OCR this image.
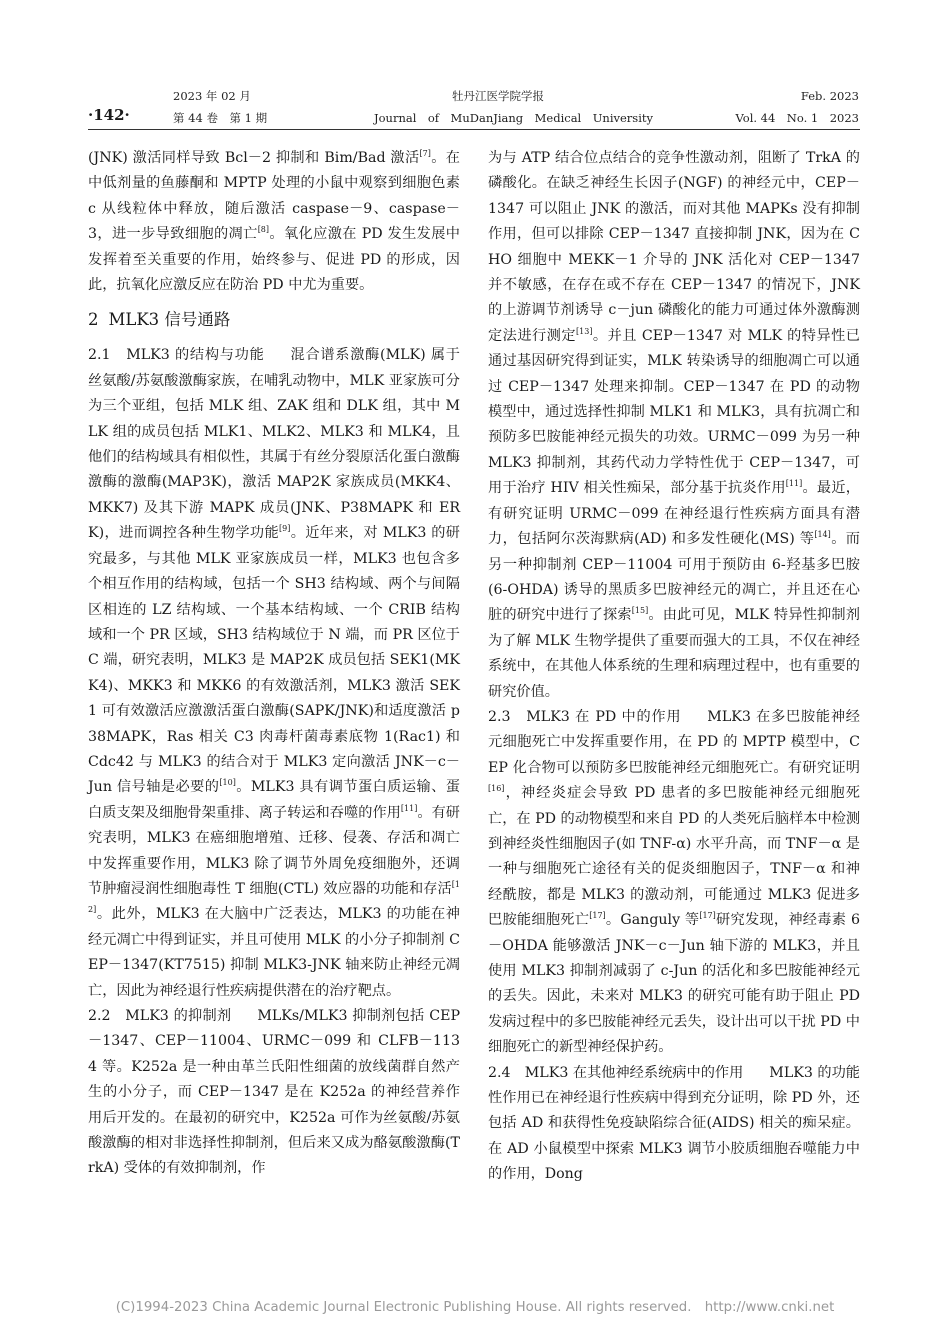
2023 年 02 月
·142·	第 44 卷　第 1 期
牡丹江医学院学报
Journal　of　MuDanJiang　Medical　University
Feb. 2023
Vol. 44　No. 1　2023

(JNK) 激活同样导致 Bcl－2 抑制和 Bim/Bad 激活[7]。在中低剂量的鱼藤酮和 MPTP 处理的小鼠中观察到细胞色素 c 从线粒体中释放，随后激活 caspase－9、caspase－3，进一步导致细胞的凋亡[8]。氧化应激在 PD 发生发展中发挥着至关重要的作用，始终参与、促进 PD 的形成，因此，抗氧化应激反应在防治 PD 中尤为重要。

2 MLK3 信号通路

2.1　MLK3 的结构与功能 混合谱系激酶(MLK) 属于丝氨酸/苏氨酸激酶家族，在哺乳动物中，MLK 亚家族可分为三个亚组，包括 MLK 组、ZAK 组和 DLK 组，其中 MLK 组的成员包括 MLK1、MLK2、MLK3 和 MLK4，且他们的结构域具有相似性，其属于有丝分裂原活化蛋白激酶激酶的激酶(MAP3K)，激活 MAP2K 家族成员(MKK4、MKK7) 及其下游 MAPK 成员(JNK、P38MAPK 和 ERK)，进而调控各种生物学功能[9]。近年来，对 MLK3 的研究最多，与其他 MLK 亚家族成员一样，MLK3 也包含多个相互作用的结构域，包括一个 SH3 结构域、两个与间隔区相连的 LZ 结构域、一个基本结构域、一个 CRIB 结构域和一个 PR 区域，SH3 结构域位于 N 端，而 PR 区位于 C 端，研究表明，MLK3 是 MAP2K 成员包括 SEK1(MKK4)、MKK3 和 MKK6 的有效激活剂，MLK3 激活 SEK1 可有效激活应激激活蛋白激酶(SAPK/JNK)和适度激活 p38MAPK，Ras 相关 C3 肉毒杆菌毒素底物 1(Rac1) 和 Cdc42 与 MLK3 的结合对于 MLK3 定向激活 JNK－c－Jun 信号轴是必要的[10]。MLK3 具有调节蛋白质运输、蛋白质支架及细胞骨架重排、离子转运和吞噬的作用[11]。有研究表明，MLK3 在癌细胞增殖、迁移、侵袭、存活和凋亡中发挥重要作用，MLK3 除了调节外周免疫细胞外，还调节肿瘤浸润性细胞毒性 T 细胞(CTL) 效应器的功能和存活[12]。此外，MLK3 在大脑中广泛表达，MLK3 的功能在神经元凋亡中得到证实，并且可使用 MLK 的小分子抑制剂 CEP－1347(KT7515) 抑制 MLK3-JNK 轴来防止神经元凋亡，因此为神经退行性疾病提供潜在的治疗靶点。

2.2　MLK3 的抑制剂 MLKs/MLK3 抑制剂包括 CEP－1347、CEP－11004、URMC－099 和 CLFB－1134 等。K252a 是一种由革兰氏阳性细菌的放线菌群自然产生的小分子，而 CEP－1347 是在 K252a 的神经营养作用后开发的。在最初的研究中，K252a 可作为丝氨酸/苏氨酸激酶的相对非选择性抑制剂，但后来又成为酪氨酸激酶(TrkA) 受体的有效抑制剂，作

为与 ATP 结合位点结合的竞争性激动剂，阻断了 TrkA 的磷酸化。在缺乏神经生长因子(NGF) 的神经元中，CEP－1347 可以阻止 JNK 的激活，而对其他 MAPKs 没有抑制作用，但可以排除 CEP－1347 直接抑制 JNK，因为在 CHO 细胞中 MEKK－1 介导的 JNK 活化对 CEP－1347 并不敏感，在存在或不存在 CEP－1347 的情况下，JNK 的上游调节剂诱导 c－jun 磷酸化的能力可通过体外激酶测定法进行测定[13]。并且 CEP－1347 对 MLK 的特异性已通过基因研究得到证实，MLK 转染诱导的细胞凋亡可以通过 CEP－1347 处理来抑制。CEP－1347 在 PD 的动物模型中，通过选择性抑制 MLK1 和 MLK3，具有抗凋亡和预防多巴胺能神经元损失的功效。URMC－099 为另一种 MLK3 抑制剂，其药代动力学特性优于 CEP－1347，可用于治疗 HIV 相关性痴呆，部分基于抗炎作用[11]。最近，有研究证明 URMC－099 在神经退行性疾病方面具有潜力，包括阿尔茨海默病(AD) 和多发性硬化(MS) 等[14]。而另一种抑制剂 CEP－11004 可用于预防由 6-羟基多巴胺(6-OHDA) 诱导的黑质多巴胺神经元的凋亡，并且还在心脏的研究中进行了探索[15]。由此可见，MLK 特异性抑制剂为了解 MLK 生物学提供了重要而强大的工具，不仅在神经系统中，在其他人体系统的生理和病理过程中，也有重要的研究价值。

2.3　MLK3 在 PD 中的作用 MLK3 在多巴胺能神经元细胞死亡中发挥重要作用，在 PD 的 MPTP 模型中，CEP 化合物可以预防多巴胺能神经元细胞死亡。有研究证明[16]，神经炎症会导致 PD 患者的多巴胺能神经元细胞死亡，在 PD 的动物模型和来自 PD 的人类死后脑样本中检测到神经炎性细胞因子(如 TNF-α) 水平升高，而 TNF－α 是一种与细胞死亡途径有关的促炎细胞因子，TNF－α 和神经酰胺，都是 MLK3 的激动剂，可能通过 MLK3 促进多巴胺能细胞死亡[17]。Ganguly 等[17]研究发现，神经毒素 6－OHDA 能够激活 JNK－c－Jun 轴下游的 MLK3，并且使用 MLK3 抑制剂减弱了 c-Jun 的活化和多巴胺能神经元的丢失。因此，未来对 MLK3 的研究可能有助于阻止 PD 发病过程中的多巴胺能神经元丢失，设计出可以干扰 PD 中细胞死亡的新型神经保护药。

2.4　MLK3 在其他神经系统病中的作用 MLK3 的功能性作用已在神经退行性疾病中得到充分证明，除 PD 外，还包括 AD 和获得性免疫缺陷综合征(AIDS) 相关的痴呆症。在 AD 小鼠模型中探索 MLK3 调节小胶质细胞吞噬能力中的作用，Dong

(C)1994-2023 China Academic Journal Electronic Publishing House. All rights reserved.　http://www.cnki.net
